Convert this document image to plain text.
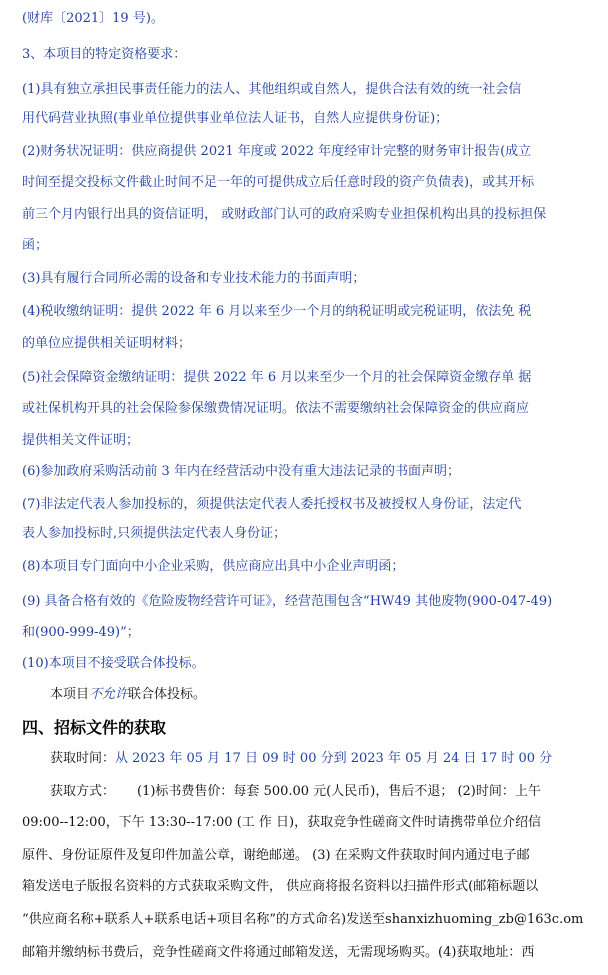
(财库〔2021〕19 号)。
3、本项目的特定资格要求：
(1)具有独立承担民事责任能力的法人、其他组织或自然人，提供合法有效的统一社会信
用代码营业执照(事业单位提供事业单位法人证书，自然人应提供身份证)；
(2)财务状况证明：供应商提供 2021 年度或 2022 年度经审计完整的财务审计报告(成立
时间至提交投标文件截止时间不足一年的可提供成立后任意时段的资产负债表)，或其开标
前三个月内银行出具的资信证明， 或财政部门认可的政府采购专业担保机构出具的投标担保
函；
(3)具有履行合同所必需的设备和专业技术能力的书面声明；
(4)税收缴纳证明：提供 2022 年 6 月以来至少一个月的纳税证明或完税证明，依法免 税
的单位应提供相关证明材料；
(5)社会保障资金缴纳证明：提供 2022 年 6 月以来至少一个月的社会保障资金缴存单 据
或社保机构开具的社会保险参保缴费情况证明。依法不需要缴纳社会保障资金的供应商应
提供相关文件证明；
(6)参加政府采购活动前 3 年内在经营活动中没有重大违法记录的书面声明；
(7)非法定代表人参加投标的，须提供法定代表人委托授权书及被授权人身份证，法定代
表人参加投标时,只须提供法定代表人身份证；
(8)本项目专门面向中小企业采购，供应商应出具中小企业声明函；
(9) 具备合格有效的《危险废物经营许可证》，经营范围包含“HW49 其他废物(900-047-49)
和(900-999-49)”；
(10)本项目不接受联合体投标。
本项目不允许联合体投标。
四、招标文件的获取
获取时间：从 2023 年 05 月 17 日 09 时 00 分到 2023 年 05 月 24 日 17 时 00 分
获取方式： (1)标书费售价：每套 500.00 元(人民币)，售后不退； (2)时间：上午
09:00--12:00，下午 13:30--17:00 (工 作 日)，获取竞争性磋商文件时请携带单位介绍信
原件、身份证原件及复印件加盖公章，谢绝邮递。 (3) 在采购文件获取时间内通过电子邮
箱发送电子版报名资料的方式获取采购文件， 供应商将报名资料以扫描件形式(邮箱标题以
“供应商名称+联系人+联系电话+项目名称”的方式命名)发送至shanxizhuoming_zb@163c.om
邮箱并缴纳标书费后，竞争性磋商文件将通过邮箱发送，无需现场购买。(4)获取地址：西
